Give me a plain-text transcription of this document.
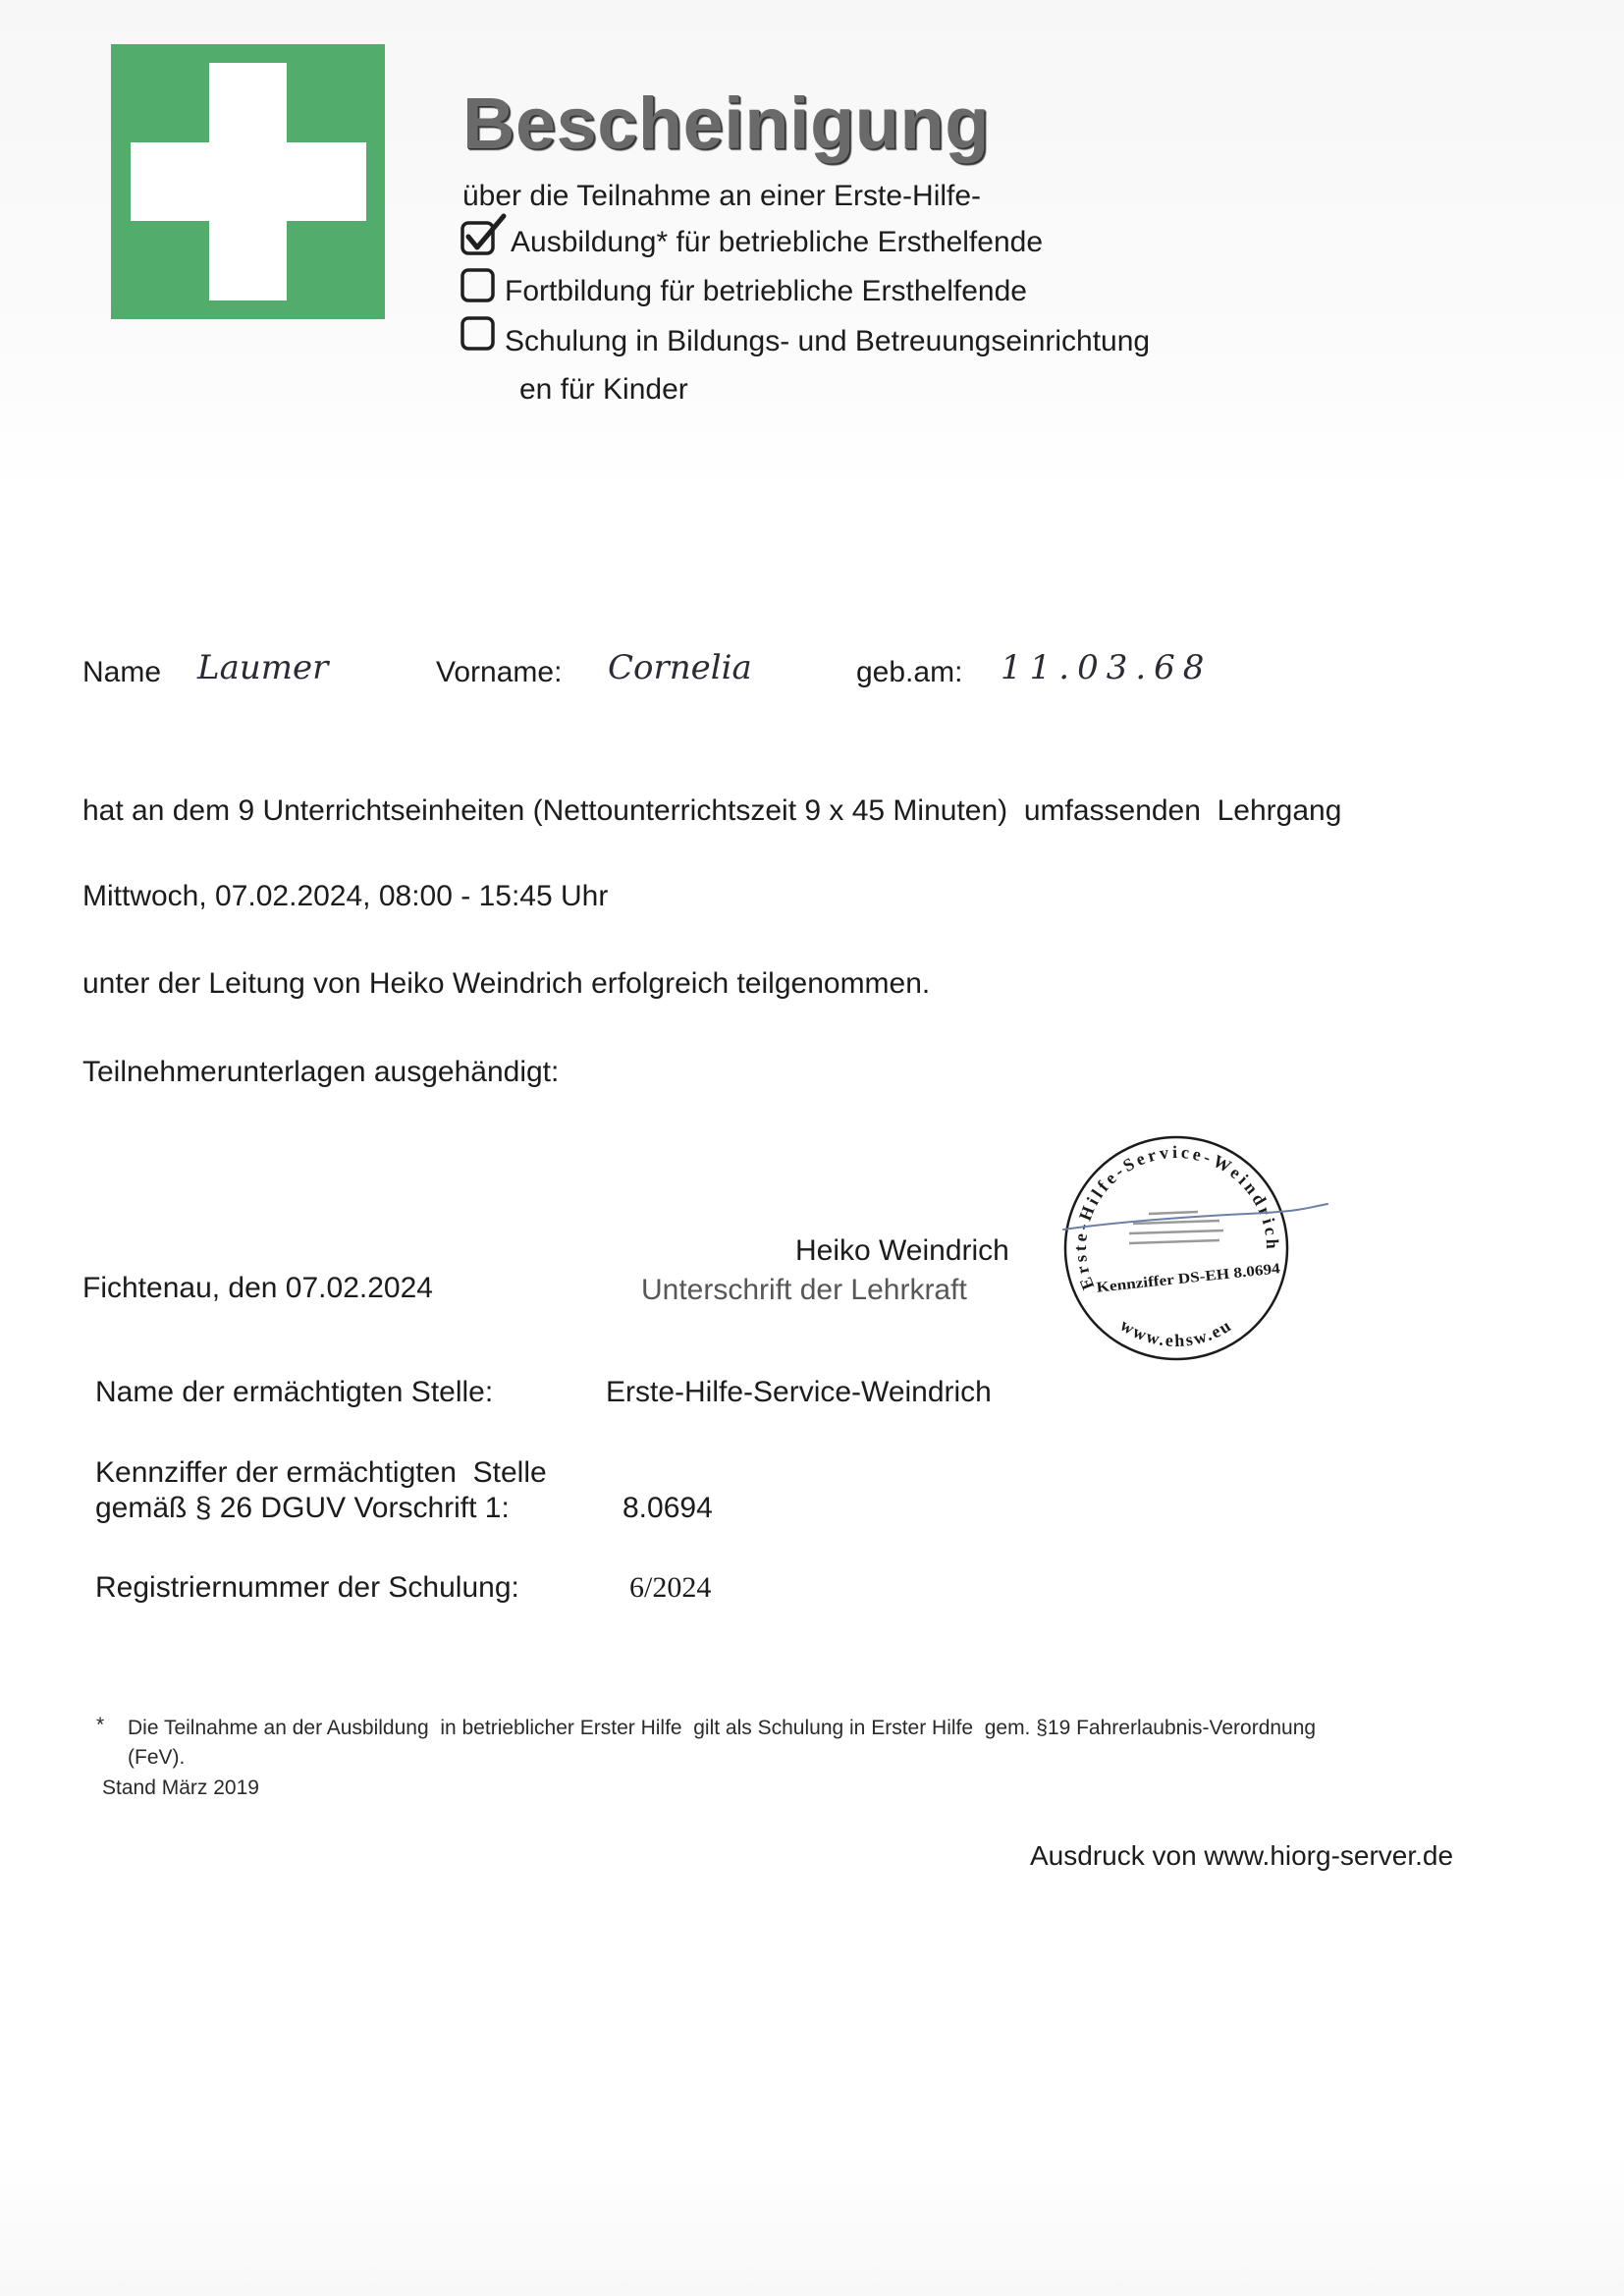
Bescheinigung
über die Teilnahme an einer Erste-Hilfe-
Ausbildung* für betriebliche Ersthelfende
Fortbildung für betriebliche Ersthelfende
Schulung in Bildungs- und Betreuungseinrichtung
en für Kinder
Name Laumer	Vorname: Cornelia	geb.am: 11.03.68
hat an dem 9 Unterrichtseinheiten (Nettounterrichtszeit 9 x 45 Minuten)  umfassenden  Lehrgang
Mittwoch, 07.02.2024, 08:00 - 15:45 Uhr
unter der Leitung von Heiko Weindrich erfolgreich teilgenommen.
Teilnehmerunterlagen ausgehändigt:
Heiko Weindrich
Fichtenau, den 07.02.2024	Unterschrift der Lehrkraft	Erste-Hilfe-Service-Weindrich
Kennziffer DS-EH 8.0694
www.ehsw.eu
Name der ermächtigten Stelle:	Erste-Hilfe-Service-Weindrich
Kennziffer der ermächtigten  Stelle
gemäß § 26 DGUV Vorschrift 1:	8.0694
Registriernummer der Schulung:	6/2024
* Die Teilnahme an der Ausbildung  in betrieblicher Erster Hilfe  gilt als Schulung in Erster Hilfe  gem. §19 Fahrerlaubnis-Verordnung
(FeV).
Stand März 2019
Ausdruck von www.hiorg-server.de
